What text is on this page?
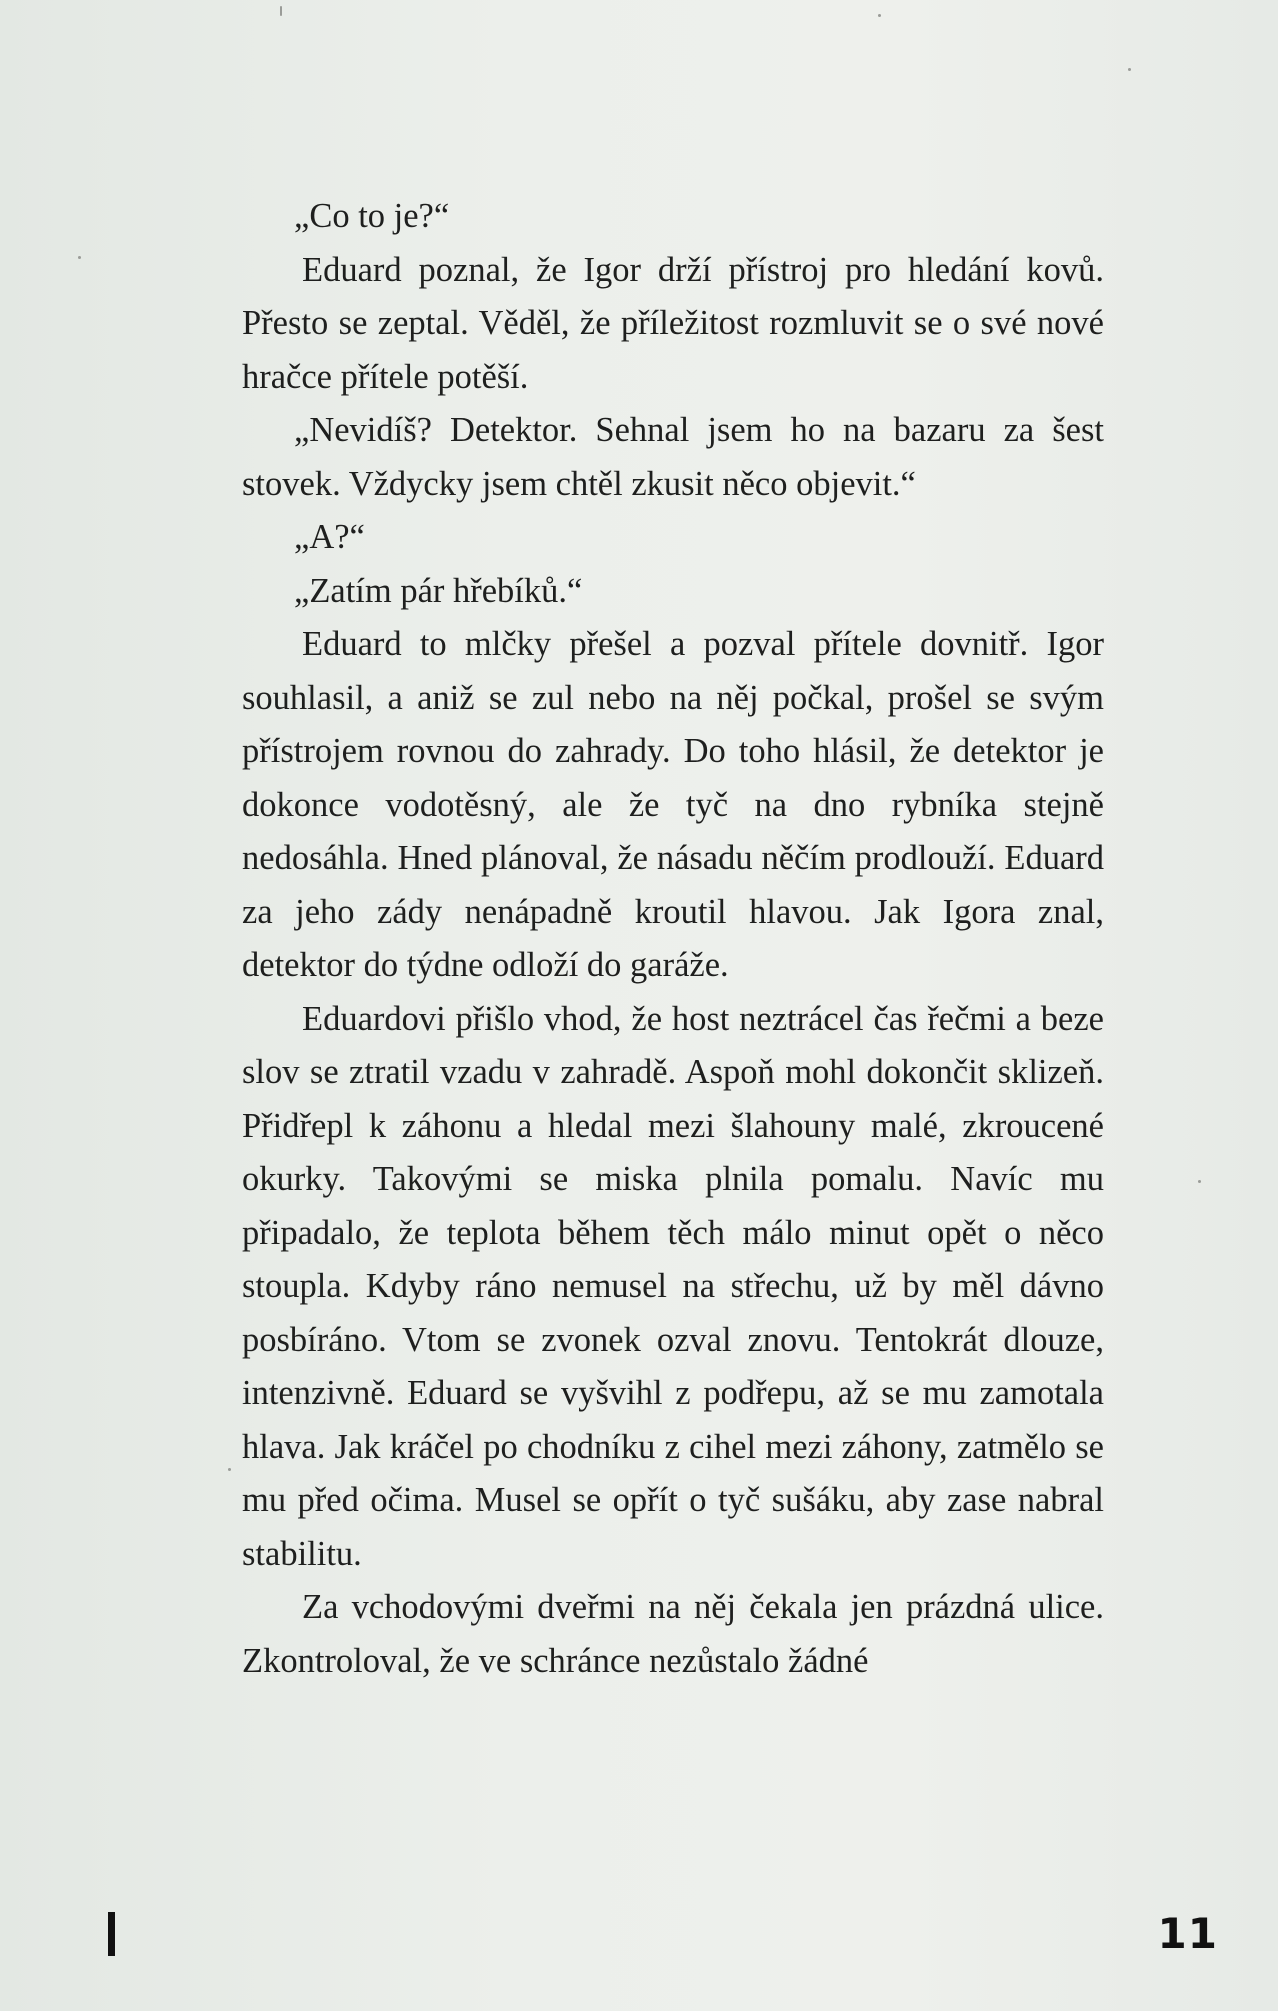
„Co to je?“

Eduard poznal, že Igor drží přístroj pro hledání kovů. Přesto se zeptal. Věděl, že příležitost rozmluvit se o své nové hračce přítele potěší.

„Nevidíš? Detektor. Sehnal jsem ho na bazaru za šest stovek. Vždycky jsem chtěl zkusit něco objevit.“

„A?“

„Zatím pár hřebíků.“

Eduard to mlčky přešel a pozval přítele dovnitř. Igor souhlasil, a aniž se zul nebo na něj počkal, prošel se svým přístrojem rovnou do zahrady. Do toho hlásil, že detektor je dokonce vodotěsný, ale že tyč na dno rybníka stejně nedosáhla. Hned plánoval, že násadu něčím prodlouží. Eduard za jeho zády nenápadně kroutil hlavou. Jak Igora znal, detektor do týdne odloží do garáže.

Eduardovi přišlo vhod, že host neztrácel čas řečmi a beze slov se ztratil vzadu v zahradě. Aspoň mohl dokončit sklizeň. Přidřepl k záhonu a hledal mezi šlahouny malé, zkroucené okurky. Takovými se miska plnila pomalu. Navíc mu připadalo, že teplota během těch málo minut opět o něco stoupla. Kdyby ráno nemusel na střechu, už by měl dávno posbíráno. Vtom se zvonek ozval znovu. Tentokrát dlouze, intenzivně. Eduard se vyšvihl z podřepu, až se mu zamotala hlava. Jak kráčel po chodníku z cihel mezi záhony, zatmělo se mu před očima. Musel se opřít o tyč sušáku, aby zase nabral stabilitu.

Za vchodovými dveřmi na něj čekala jen prázdná ulice. Zkontroloval, že ve schránce nezůstalo žádné

11
